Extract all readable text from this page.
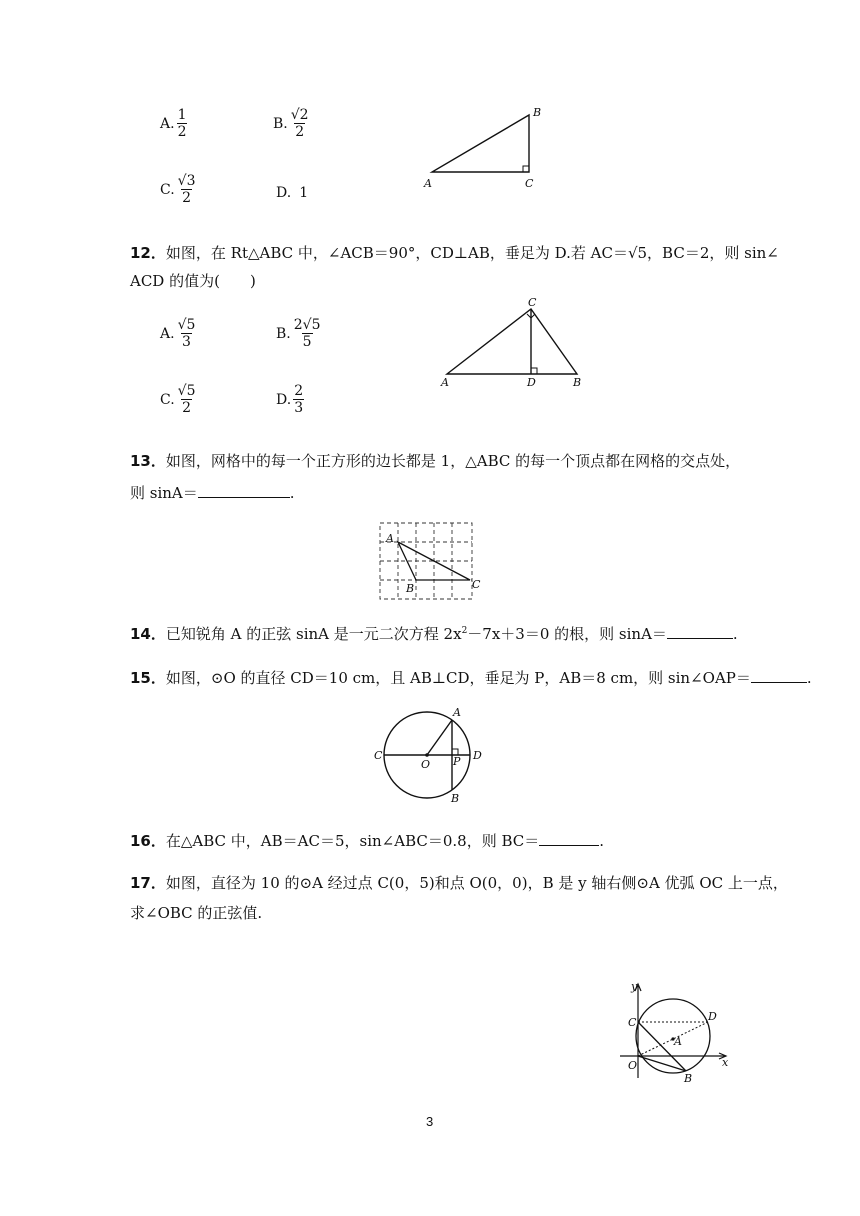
A. $\frac{1}{2}$	B. $\frac{√2}{2}$
C. $\frac{√3}{2}$	D. 1
B
A	C
12．如图，在 Rt△ABC 中，∠ACB＝90°，CD⊥AB，垂足为 D.若 AC＝√5，BC＝2，则 sin∠
ACD 的值为(　　)
A. $\frac{√5}{3}$	B. $\frac{2√5}{5}$
C. $\frac{√5}{2}$	D. $\frac{2}{3}$
C
A	D	B
13．如图，网格中的每一个正方形的边长都是 1，△ABC 的每一个顶点都在网格的交点处，
则 sinA＝	.
A
B	C
14．已知锐角 A 的正弦 sinA 是一元二次方程 $2x^2-7x+3=0$ 的根，则 sinA＝	.
15．如图，⊙O 的直径 CD＝10 cm，且 AB⊥CD，垂足为 P，AB＝8 cm，则 sin∠OAP＝	.
C	D
O P
A
B
16．在△ABC 中，AB＝AC＝5，sin∠ABC＝0.8，则 BC＝	.
17．如图，直径为 10 的⊙A 经过点 C(0，5)和点 O(0，0)，B 是 y 轴右侧⊙A 优弧 OC 上一点，
求∠OBC 的正弦值.
y
x
C	D
A
O
B
3
